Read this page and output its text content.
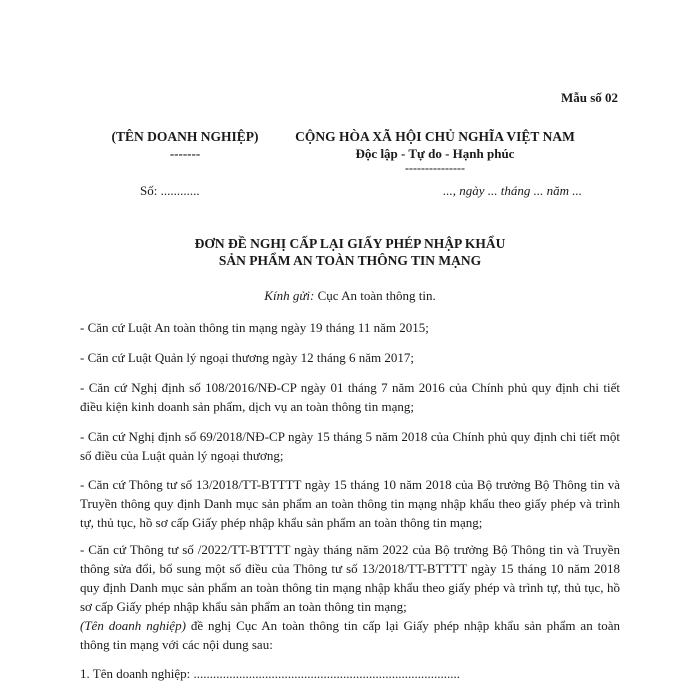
Mẫu số 02
(TÊN DOANH NGHIỆP)
-------
CỘNG HÒA XÃ HỘI CHỦ NGHĨA VIỆT NAM
Độc lập - Tự do - Hạnh phúc
---------------
Số: ............	..., ngày ... tháng ... năm ...
ĐƠN ĐỀ NGHỊ CẤP LẠI GIẤY PHÉP NHẬP KHẨU
SẢN PHẨM AN TOÀN THÔNG TIN MẠNG
Kính gửi: Cục An toàn thông tin.
- Căn cứ Luật An toàn thông tin mạng ngày 19 tháng 11 năm 2015;
- Căn cứ Luật Quản lý ngoại thương ngày 12 tháng 6 năm 2017;
- Căn cứ Nghị định số 108/2016/NĐ-CP ngày 01 tháng 7 năm 2016 của Chính phủ quy định chi tiết điều kiện kinh doanh sản phẩm, dịch vụ an toàn thông tin mạng;
- Căn cứ Nghị định số 69/2018/NĐ-CP ngày 15 tháng 5 năm 2018 của Chính phủ quy định chi tiết một số điều của Luật quản lý ngoại thương;
- Căn cứ Thông tư số 13/2018/TT-BTTTT ngày 15 tháng 10 năm 2018 của Bộ trưởng Bộ Thông tin và Truyền thông quy định Danh mục sản phẩm an toàn thông tin mạng nhập khẩu theo giấy phép và trình tự, thủ tục, hồ sơ cấp Giấy phép nhập khẩu sản phẩm an toàn thông tin mạng;
- Căn cứ Thông tư số /2022/TT-BTTTT ngày tháng năm 2022 của Bộ trưởng Bộ Thông tin và Truyền thông sửa đổi, bổ sung một số điều của Thông tư số 13/2018/TT-BTTTT ngày 15 tháng 10 năm 2018 quy định Danh mục sản phẩm an toàn thông tin mạng nhập khẩu theo giấy phép và trình tự, thủ tục, hồ sơ cấp Giấy phép nhập khẩu sản phẩm an toàn thông tin mạng;
(Tên doanh nghiệp) đề nghị Cục An toàn thông tin cấp lại Giấy phép nhập khẩu sản phẩm an toàn thông tin mạng với các nội dung sau:
1. Tên doanh nghiệp: ..................................................................................
